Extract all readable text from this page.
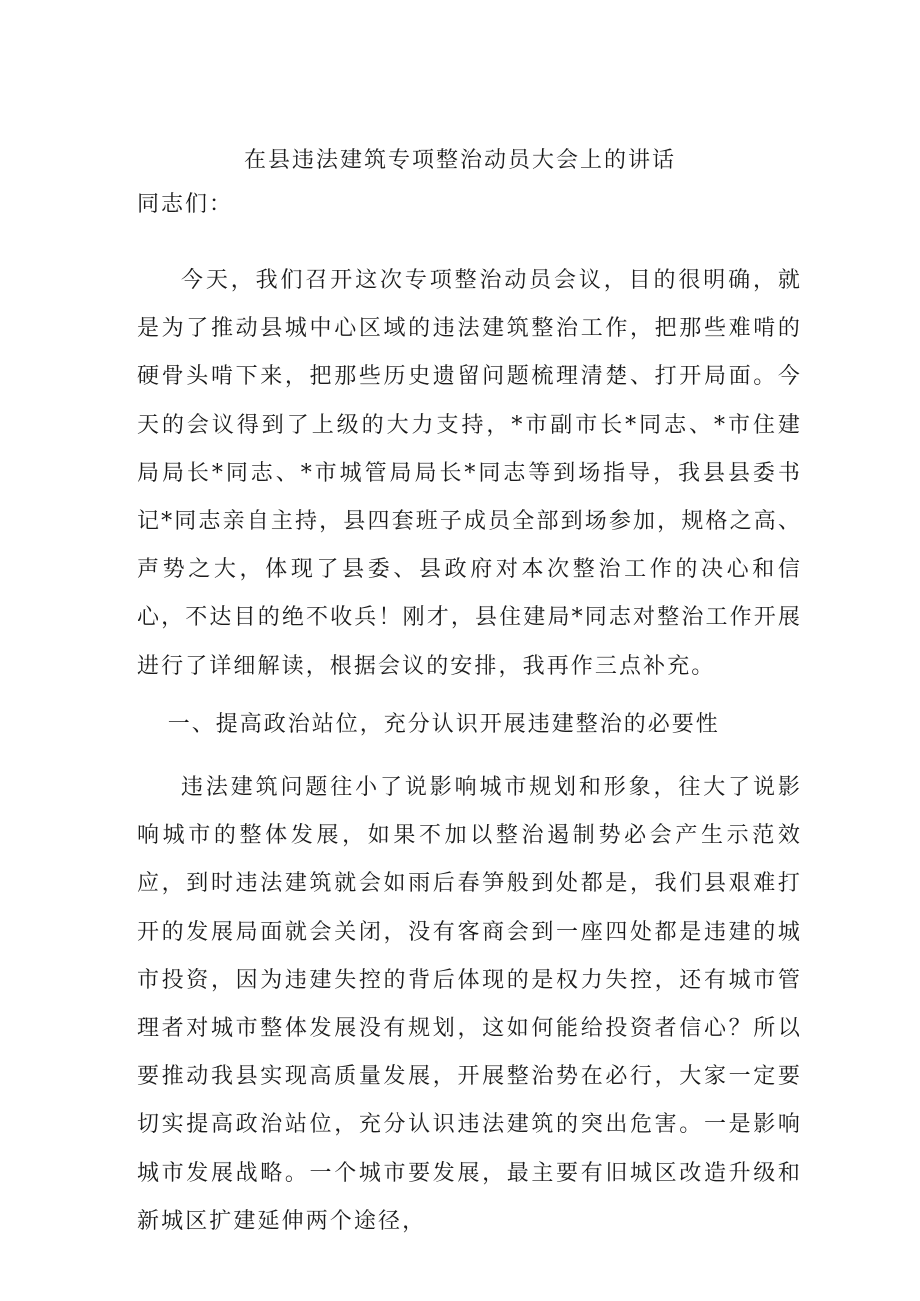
在县违法建筑专项整治动员大会上的讲话
同志们：

今天，我们召开这次专项整治动员会议，目的很明确，就是为了推动县城中心区域的违法建筑整治工作，把那些难啃的硬骨头啃下来，把那些历史遗留问题梳理清楚、打开局面。今天的会议得到了上级的大力支持，*市副市长*同志、*市住建局局长*同志、*市城管局局长*同志等到场指导，我县县委书记*同志亲自主持，县四套班子成员全部到场参加，规格之高、声势之大，体现了县委、县政府对本次整治工作的决心和信心，不达目的绝不收兵！刚才，县住建局*同志对整治工作开展进行了详细解读，根据会议的安排，我再作三点补充。

一、提高政治站位，充分认识开展违建整治的必要性

违法建筑问题往小了说影响城市规划和形象，往大了说影响城市的整体发展，如果不加以整治遏制势必会产生示范效应，到时违法建筑就会如雨后春笋般到处都是，我们县艰难打开的发展局面就会关闭，没有客商会到一座四处都是违建的城市投资，因为违建失控的背后体现的是权力失控，还有城市管理者对城市整体发展没有规划，这如何能给投资者信心？所以要推动我县实现高质量发展，开展整治势在必行，大家一定要切实提高政治站位，充分认识违法建筑的突出危害。一是影响城市发展战略。一个城市要发展，最主要有旧城区改造升级和新城区扩建延伸两个途径，
